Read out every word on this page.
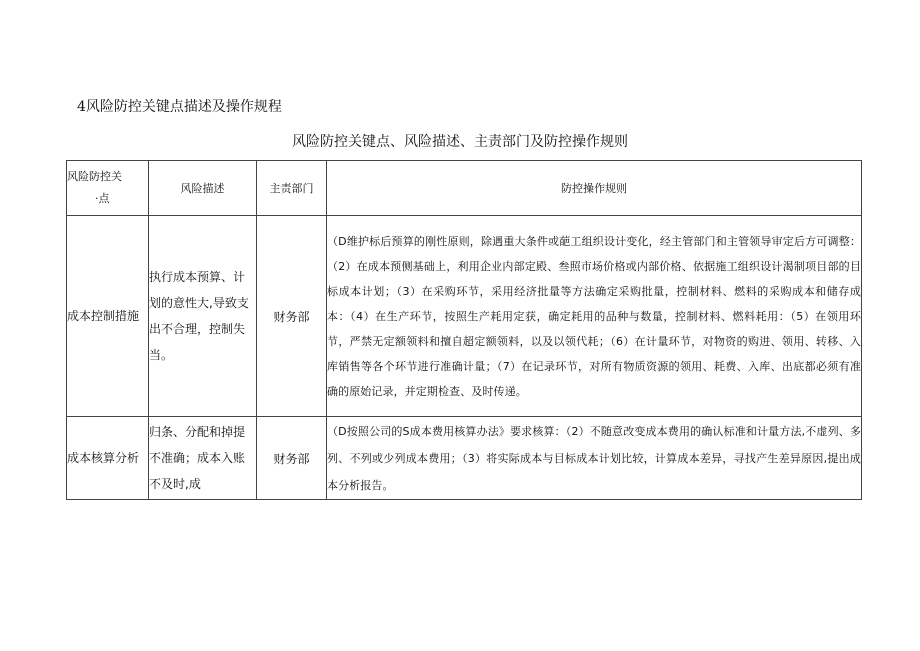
4风险防控关键点描述及操作规程
风险防控关键点、风险描述、主责部门及防控操作规则
风险防控关
·点	风险描述	主责部门	防控操作规则
成本控制措施	执行成本预算、计划的意性大,导致支出不合理，控制失当。	财务部	（D维护标后预算的刚性原则，除遇重大条件或葩工组织设计变化，经主管部门和主管领导审定后方可调整：（2）在成本预侧基础上，利用企业内部定殿、叁照市场价格或内部价格、依据施工组织设计渴制项目部的目标成本计划；（3）在采购环节，采用经济批量等方法确定采购批量，控制材料、燃料的采购成本和储存成本：（4）在生产环节，按照生产耗用定获，确定耗用的品种与数量，控制材料、燃料耗用：（5）在领用环节，严禁无定额领料和擅自超定额领料，以及以领代耗；（6）在计量环节，对物资的购进、领用、转移、入库销售等各个环节进行准确计量；（7）在记录环节，对所有物质资源的领用、耗费、入库、出底都必须有准确的原始记录，并定期检查、及时传递。
成本核算分析	归条、分配和掉提不准确；成本入账不及时,成	财务部	（D按照公司的S成本费用核算办法》要求核算：（2）不随意改变成本费用的确认标准和计量方法,不虚列、多列、不列或少列成本费用；（3）将实际成本与目标成本计划比较，计算成本差异，寻找产生差异原因,提出成本分析报告。
